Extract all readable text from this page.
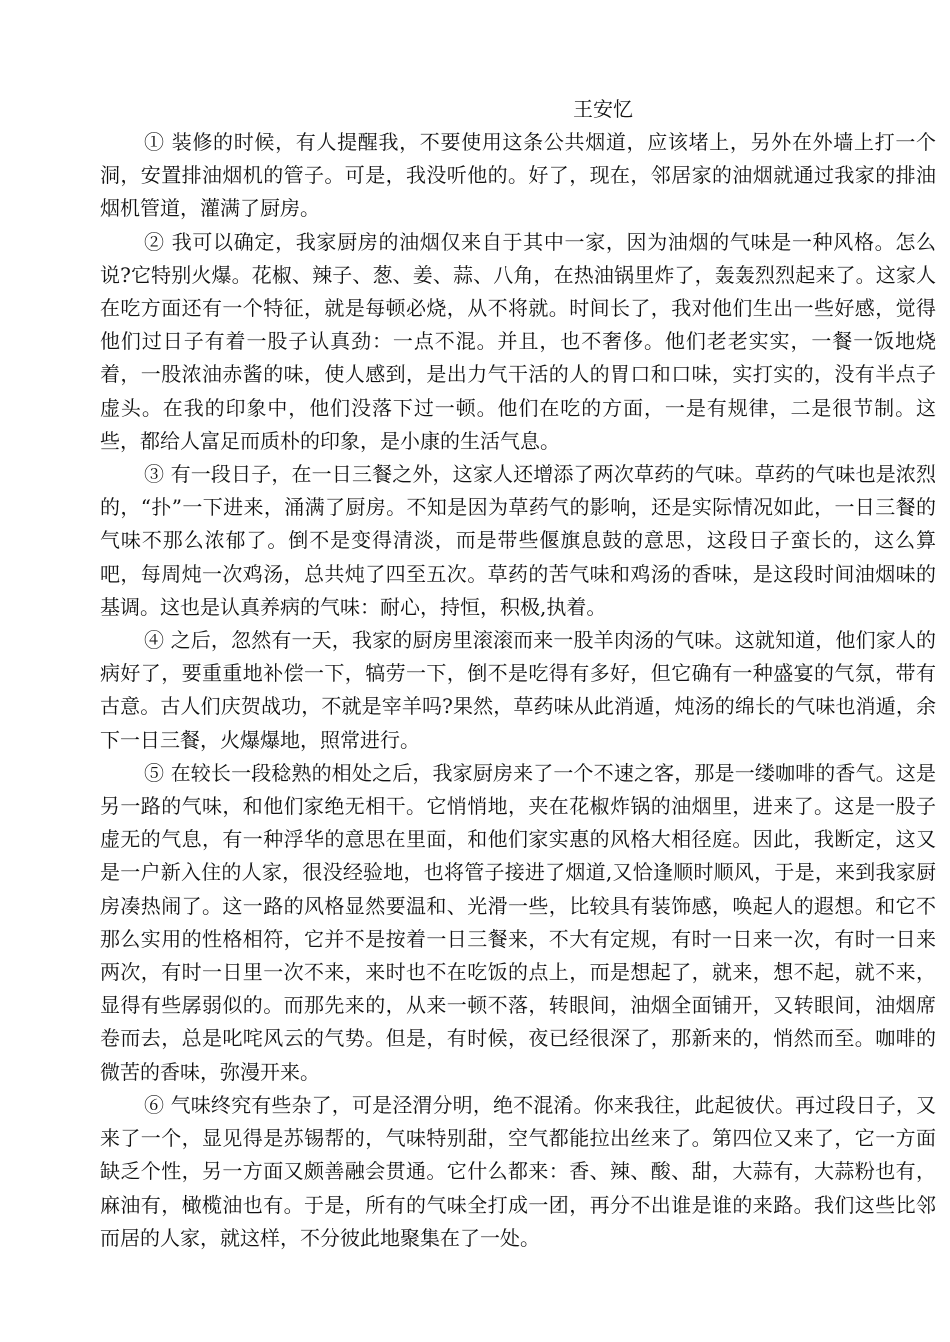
王安忆

① 装修的时候，有人提醒我，不要使用这条公共烟道，应该堵上，另外在外墙上打一个洞，安置排油烟机的管子。可是，我没听他的。好了，现在，邻居家的油烟就通过我家的排油烟机管道，灌满了厨房。

② 我可以确定，我家厨房的油烟仅来自于其中一家，因为油烟的气味是一种风格。怎么说?它特别火爆。花椒、辣子、葱、姜、蒜、八角，在热油锅里炸了，轰轰烈烈起来了。这家人在吃方面还有一个特征，就是每顿必烧，从不将就。时间长了，我对他们生出一些好感，觉得他们过日子有着一股子认真劲：一点不混。并且，也不奢侈。他们老老实实，一餐一饭地烧着，一股浓油赤酱的味，使人感到，是出力气干活的人的胃口和口味，实打实的，没有半点子虚头。在我的印象中，他们没落下过一顿。他们在吃的方面，一是有规律，二是很节制。这些，都给人富足而质朴的印象，是小康的生活气息。

③ 有一段日子，在一日三餐之外，这家人还增添了两次草药的气味。草药的气味也是浓烈的，“扑”一下进来，涌满了厨房。不知是因为草药气的影响，还是实际情况如此，一日三餐的气味不那么浓郁了。倒不是变得清淡，而是带些偃旗息鼓的意思，这段日子蛮长的，这么算吧，每周炖一次鸡汤，总共炖了四至五次。草药的苦气味和鸡汤的香味，是这段时间油烟味的基调。这也是认真养病的气味：耐心，持恒，积极,执着。

④ 之后，忽然有一天，我家的厨房里滚滚而来一股羊肉汤的气味。这就知道，他们家人的病好了，要重重地补偿一下，犒劳一下，倒不是吃得有多好，但它确有一种盛宴的气氛，带有古意。古人们庆贺战功，不就是宰羊吗?果然，草药味从此消遁，炖汤的绵长的气味也消遁，余下一日三餐，火爆爆地，照常进行。

⑤ 在较长一段稔熟的相处之后，我家厨房来了一个不速之客，那是一缕咖啡的香气。这是另一路的气味，和他们家绝无相干。它悄悄地，夹在花椒炸锅的油烟里，进来了。这是一股子虚无的气息，有一种浮华的意思在里面，和他们家实惠的风格大相径庭。因此，我断定，这又是一户新入住的人家，很没经验地，也将管子接进了烟道,又恰逢顺时顺风，于是，来到我家厨房凑热闹了。这一路的风格显然要温和、光滑一些，比较具有装饰感，唤起人的遐想。和它不那么实用的性格相符，它并不是按着一日三餐来，不大有定规，有时一日来一次，有时一日来两次，有时一日里一次不来，来时也不在吃饭的点上，而是想起了，就来，想不起，就不来，显得有些孱弱似的。而那先来的，从来一顿不落，转眼间，油烟全面铺开，又转眼间，油烟席卷而去，总是叱咤风云的气势。但是，有时候，夜已经很深了，那新来的，悄然而至。咖啡的微苦的香味，弥漫开来。

⑥ 气味终究有些杂了，可是泾渭分明，绝不混淆。你来我往，此起彼伏。再过段日子，又来了一个，显见得是苏锡帮的，气味特别甜，空气都能拉出丝来了。第四位又来了，它一方面缺乏个性，另一方面又颇善融会贯通。它什么都来：香、辣、酸、甜，大蒜有，大蒜粉也有，麻油有，橄榄油也有。于是，所有的气味全打成一团，再分不出谁是谁的来路。我们这些比邻而居的人家，就这样，不分彼此地聚集在了一处。
